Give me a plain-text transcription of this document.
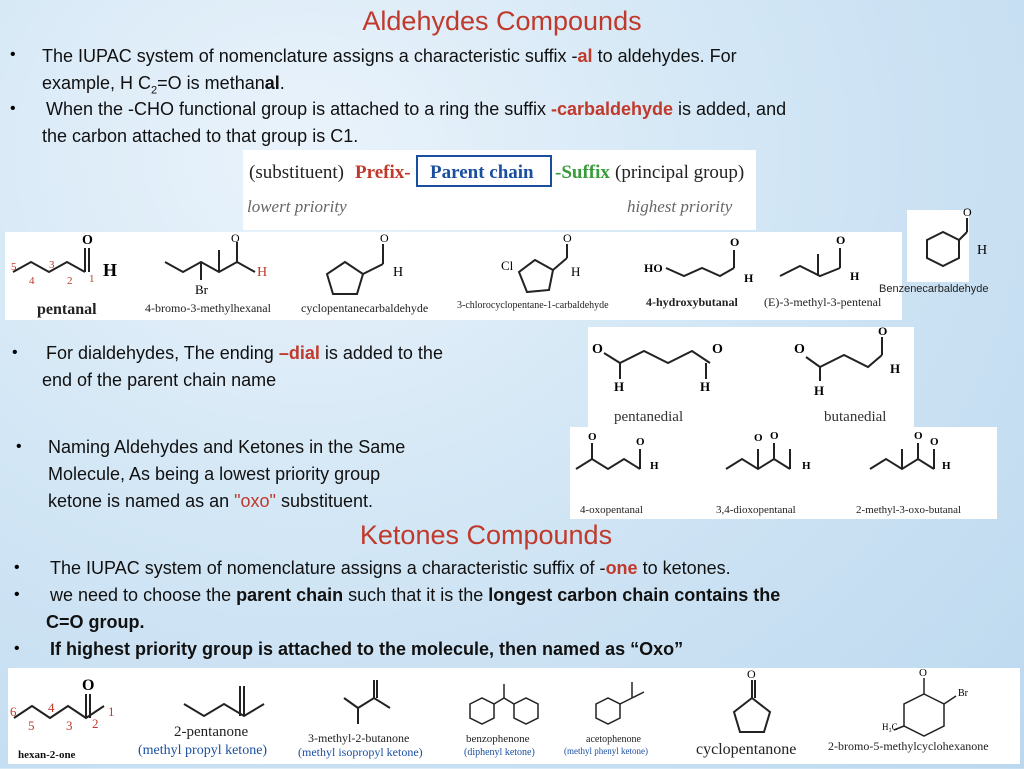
Aldehydes Compounds
• The IUPAC system of nomenclature assigns a characteristic suffix -al to aldehydes. For
example, H $C_2=O$ is methanal.
• When the -CHO functional group is attached to a ring the suffix -carbaldehyde is added, and
the carbon attached to that group is C1.
(substituent) Prefix- Parent chain -Suffix (principal group)
lowert priority	highest priority
O
H
5
4
3
2 1
pentanal
Br
O
H
4-bromo-3-methylhexanal
O
H
cyclopentanecarbaldehyde
Cl
O
H
3-chlorocyclopentane-1-carbaldehyde
HO
O
H
4-hydroxybutanal
O
H
(E)-3-methyl-3-pentenal
O
H
Benzenecarbaldehyde
• For dialdehydes, The ending –dial is added to the
end of the parent chain name
O	O
H	H
pentanedial
O
O
H
H
butanedial
• Naming Aldehydes and Ketones in the Same
Molecule, As being a lowest priority group
ketone is named as an "oxo" substituent.
O	O
H
4-oxopentanal
O O
H
3,4-dioxopentanal
O O
H
2-methyl-3-oxo-butanal
Ketones Compounds
• The IUPAC system of nomenclature assigns a characteristic suffix of -one to ketones.
• we need to choose the parent chain such that it is the longest carbon chain contains the
C=O group.
• If highest priority group is attached to the molecule, then named as “Oxo”
O
6
5
4
3 2
1
hexan-2-one
2-pentanone
(methyl propyl ketone)
3-methyl-2-butanone
(methyl isopropyl ketone)
benzophenone
(diphenyl ketone)
acetophenone
(methyl phenyl ketone)
O
cyclopentanone
O
Br
H₃C
2-bromo-5-methylcyclohexanone
